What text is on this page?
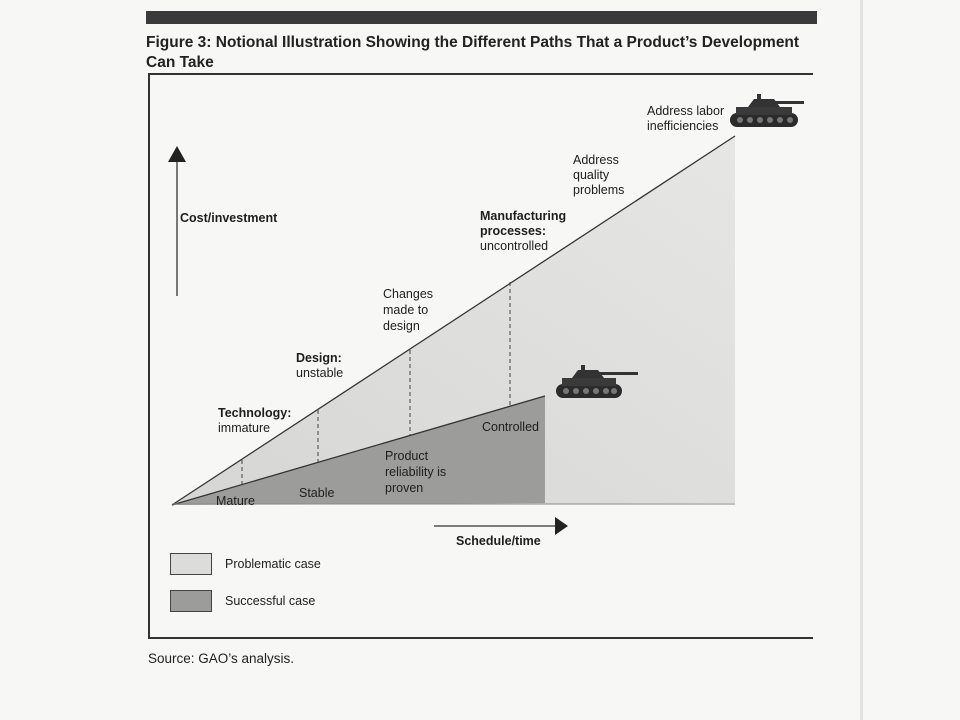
Figure 3: Notional Illustration Showing the Different Paths That a Product’s Development Can Take
Cost/investment
Schedule/time
Technology:
immature
Design:
unstable
Changes
made to
design
Manufacturing
processes:
uncontrolled
Address
quality
problems
Address labor
inefficiencies
Mature
Stable
Product
reliability is
proven
Controlled
Problematic case
Successful case
Source: GAO’s analysis.
